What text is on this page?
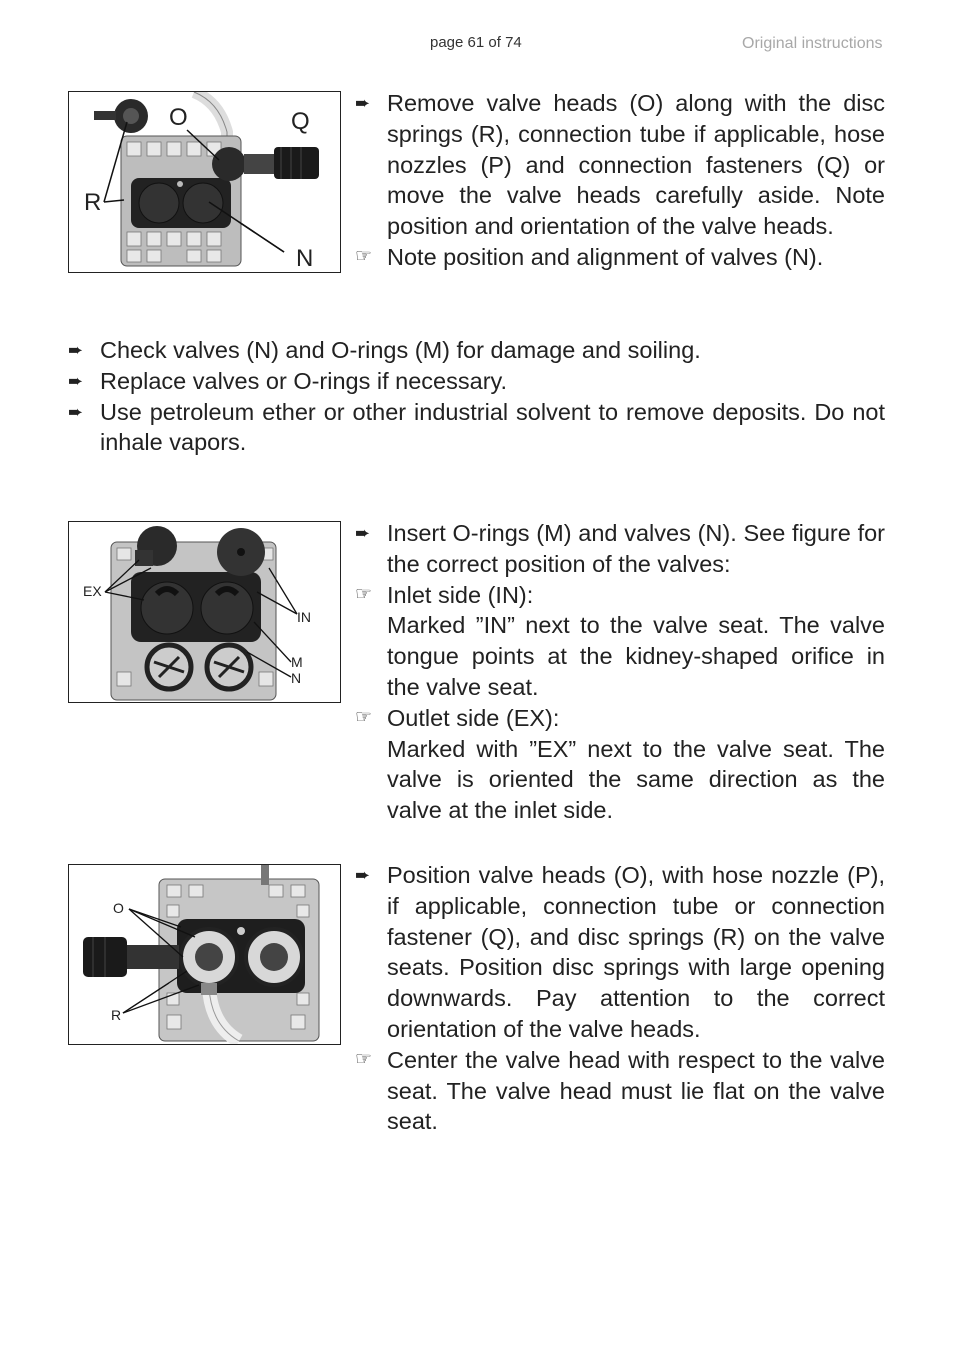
page 61 of 74	Original instructions
O	Q
R
N
➨ Remove valve heads (O) along with the disc springs (R), connection tube if applicable, hose nozzles (P) and connection fasteners (Q) or move the valve heads carefully aside. Note position and orientation of the valve heads.
☞ Note position and alignment of valves (N).
➨ Check valves (N) and O-rings (M) for damage and soiling.
➨ Replace valves or O-rings if necessary.
➨ Use petroleum ether or other industrial solvent to remove deposits. Do not inhale vapors.
EX
IN
M
N
➨ Insert O-rings (M) and valves (N). See figure for the correct position of the valves:
☞ Inlet side (IN):
Marked ”IN” next to the valve seat. The valve tongue points at the kidney-shaped orifice in the valve seat.
☞ Outlet side (EX):
Marked with ”EX” next to the valve seat. The valve is oriented the same direction as the valve at the inlet side.
O
R
➨ Position valve heads (O), with hose nozzle (P), if applicable, connection tube or connection fastener (Q), and disc springs (R) on the valve seats. Position disc springs with large opening downwards. Pay attention to the correct orientation of the valve heads.
☞ Center the valve head with respect to the valve seat. The valve head must lie flat on the valve seat.
